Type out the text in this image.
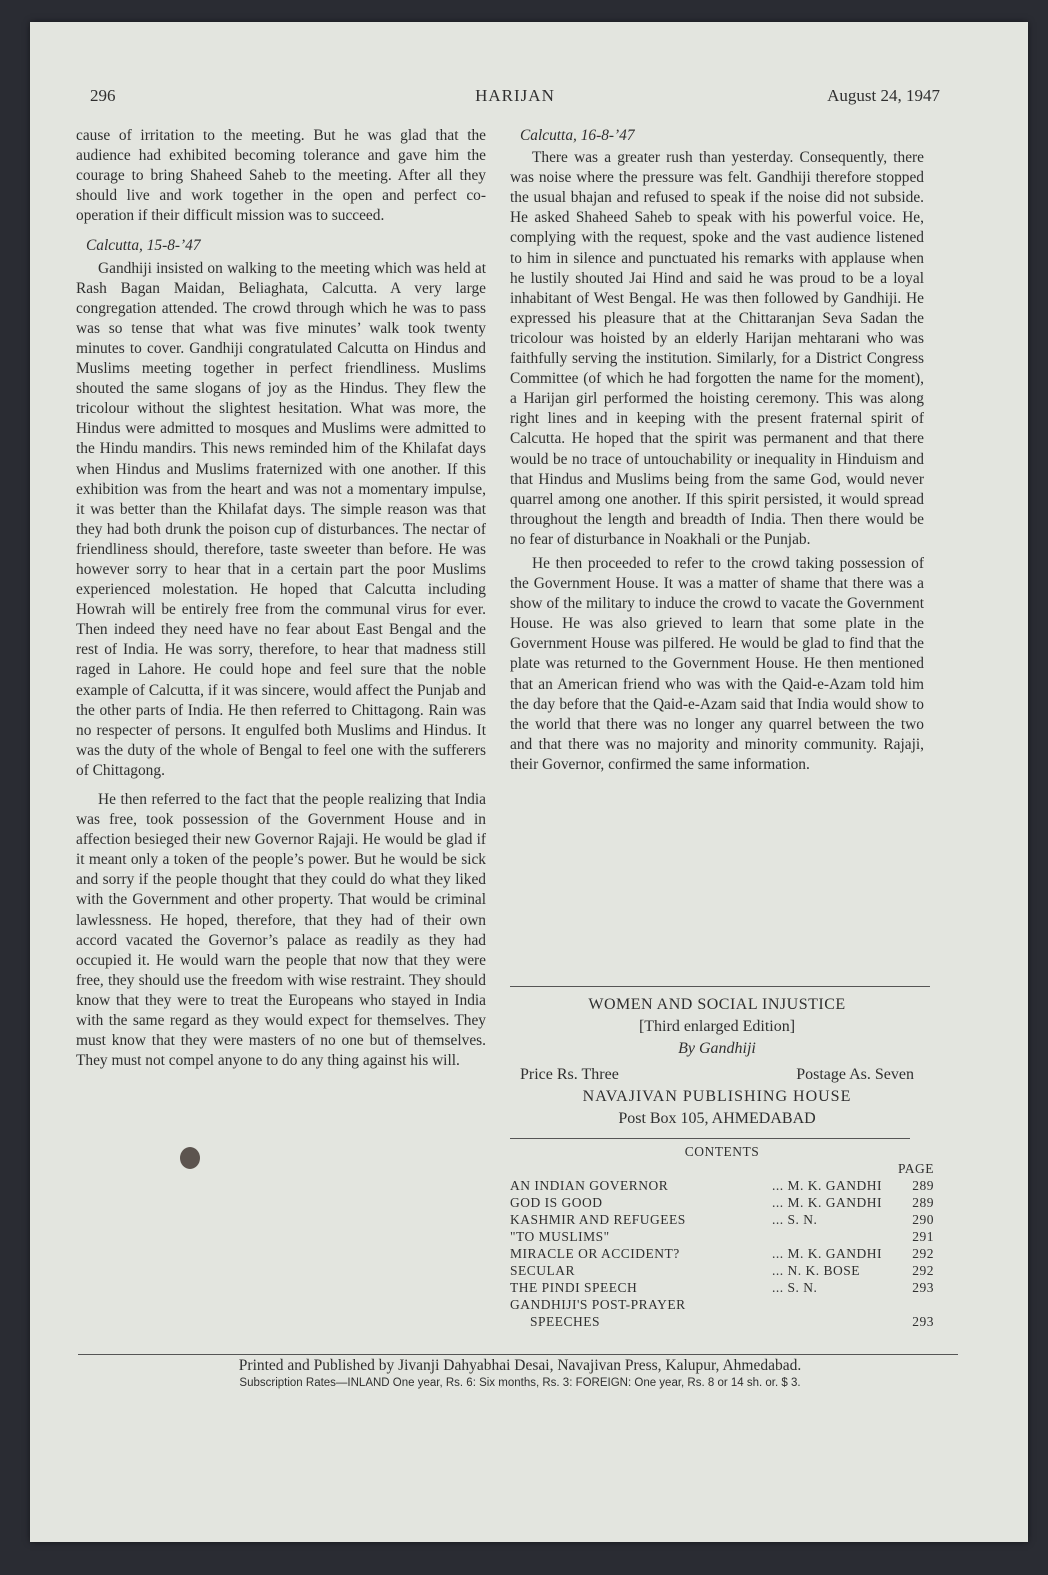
296	HARIJAN	August 24, 1947

cause of irritation to the meeting. But he was glad that the audience had exhibited becoming tolerance and gave him the courage to bring Shaheed Saheb to the meeting. After all they should live and work together in the open and perfect co-operation if their difficult mission was to succeed.

Calcutta, 15-8-’47

Gandhiji insisted on walking to the meeting which was held at Rash Bagan Maidan, Beliaghata, Calcutta. A very large congregation attended. The crowd through which he was to pass was so tense that what was five minutes’ walk took twenty minutes to cover. Gandhiji congratulated Calcutta on Hindus and Muslims meeting together in perfect friendliness. Muslims shouted the same slogans of joy as the Hindus. They flew the tricolour without the slightest hesitation. What was more, the Hindus were admitted to mosques and Muslims were admitted to the Hindu mandirs. This news reminded him of the Khilafat days when Hindus and Muslims fraternized with one another. If this exhibition was from the heart and was not a momentary impulse, it was better than the Khilafat days. The simple reason was that they had both drunk the poison cup of disturbances. The nectar of friendliness should, therefore, taste sweeter than before. He was however sorry to hear that in a certain part the poor Muslims experienced molestation. He hoped that Calcutta including Howrah will be entirely free from the communal virus for ever. Then indeed they need have no fear about East Bengal and the rest of India. He was sorry, therefore, to hear that madness still raged in Lahore. He could hope and feel sure that the noble example of Calcutta, if it was sincere, would affect the Punjab and the other parts of India. He then referred to Chittagong. Rain was no respecter of persons. It engulfed both Muslims and Hindus. It was the duty of the whole of Bengal to feel one with the sufferers of Chittagong.

He then referred to the fact that the people realizing that India was free, took possession of the Government House and in affection besieged their new Governor Rajaji. He would be glad if it meant only a token of the people’s power. But he would be sick and sorry if the people thought that they could do what they liked with the Government and other property. That would be criminal lawlessness. He hoped, therefore, that they had of their own accord vacated the Governor’s palace as readily as they had occupied it. He would warn the people that now that they were free, they should use the freedom with wise restraint. They should know that they were to treat the Europeans who stayed in India with the same regard as they would expect for themselves. They must know that they were masters of no one but of themselves. They must not compel anyone to do any thing against his will.

Calcutta, 16-8-’47

There was a greater rush than yesterday. Consequently, there was noise where the pressure was felt. Gandhiji therefore stopped the usual bhajan and refused to speak if the noise did not subside. He asked Shaheed Saheb to speak with his powerful voice. He, complying with the request, spoke and the vast audience listened to him in silence and punctuated his remarks with applause when he lustily shouted Jai Hind and said he was proud to be a loyal inhabitant of West Bengal. He was then followed by Gandhiji. He expressed his pleasure that at the Chittaranjan Seva Sadan the tricolour was hoisted by an elderly Harijan mehtarani who was faithfully serving the institution. Similarly, for a District Congress Committee (of which he had forgotten the name for the moment), a Harijan girl performed the hoisting ceremony. This was along right lines and in keeping with the present fraternal spirit of Calcutta. He hoped that the spirit was permanent and that there would be no trace of untouchability or inequality in Hinduism and that Hindus and Muslims being from the same God, would never quarrel among one another. If this spirit persisted, it would spread throughout the length and breadth of India. Then there would be no fear of disturbance in Noakhali or the Punjab.

He then proceeded to refer to the crowd taking possession of the Government House. It was a matter of shame that there was a show of the military to induce the crowd to vacate the Government House. He was also grieved to learn that some plate in the Government House was pilfered. He would be glad to find that the plate was returned to the Government House. He then mentioned that an American friend who was with the Qaid-e-Azam told him the day before that the Qaid-e-Azam said that India would show to the world that there was no longer any quarrel between the two and that there was no majority and minority community. Rajaji, their Governor, confirmed the same information.

WOMEN AND SOCIAL INJUSTICE
[Third enlarged Edition]
By Gandhiji
Price Rs. Three	Postage As. Seven
NAVAJIVAN PUBLISHING HOUSE
Post Box 105, AHMEDABAD
CONTENTS
PAGE
AN INDIAN GOVERNOR	... M. K. GANDHI	289
GOD IS GOOD	... M. K. GANDHI	289
KASHMIR AND REFUGEES	... S. N.	290
"TO MUSLIMS"	291
MIRACLE OR ACCIDENT?	... M. K. GANDHI	292
SECULAR	... N. K. BOSE	292
THE PINDI SPEECH	... S. N.	293
GANDHIJI'S POST-PRAYER
SPEECHES	293
Printed and Published by Jivanji Dahyabhai Desai, Navajivan Press, Kalupur, Ahmedabad.
Subscription Rates—INLAND One year, Rs. 6: Six months, Rs. 3: FOREIGN: One year, Rs. 8 or 14 sh. or. $ 3.
